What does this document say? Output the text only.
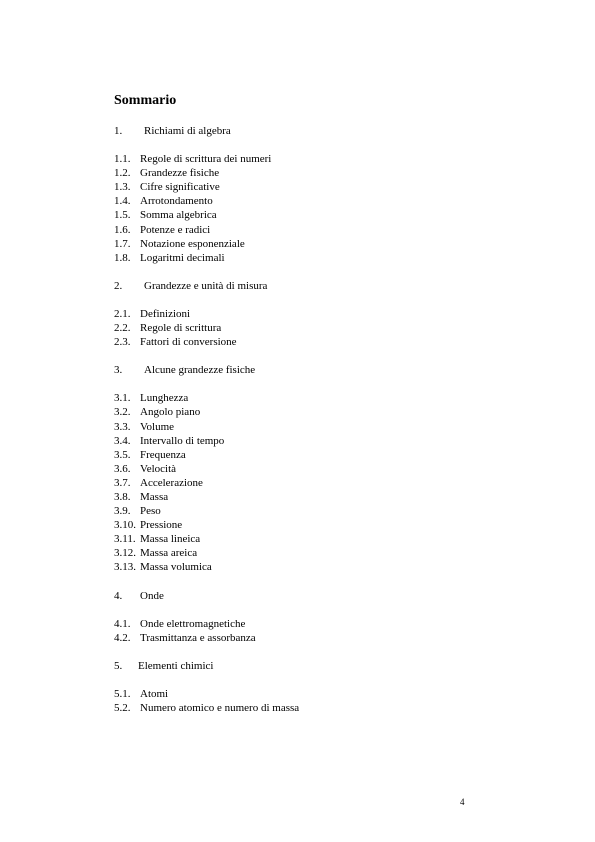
Sommario
1. Richiami di algebra
1.1. Regole di scrittura dei numeri
1.2. Grandezze fisiche
1.3. Cifre significative
1.4. Arrotondamento
1.5. Somma algebrica
1.6. Potenze e radici
1.7. Notazione esponenziale
1.8. Logaritmi decimali
2. Grandezze e unità di misura
2.1. Definizioni
2.2. Regole di scrittura
2.3. Fattori di conversione
3. Alcune grandezze fisiche
3.1. Lunghezza
3.2. Angolo piano
3.3. Volume
3.4. Intervallo di tempo
3.5. Frequenza
3.6. Velocità
3.7. Accelerazione
3.8. Massa
3.9. Peso
3.10. Pressione
3.11. Massa lineica
3.12. Massa areica
3.13. Massa volumica
4. Onde
4.1. Onde elettromagnetiche
4.2. Trasmittanza e assorbanza
5. Elementi chimici
5.1. Atomi
5.2. Numero atomico e numero di massa
4
